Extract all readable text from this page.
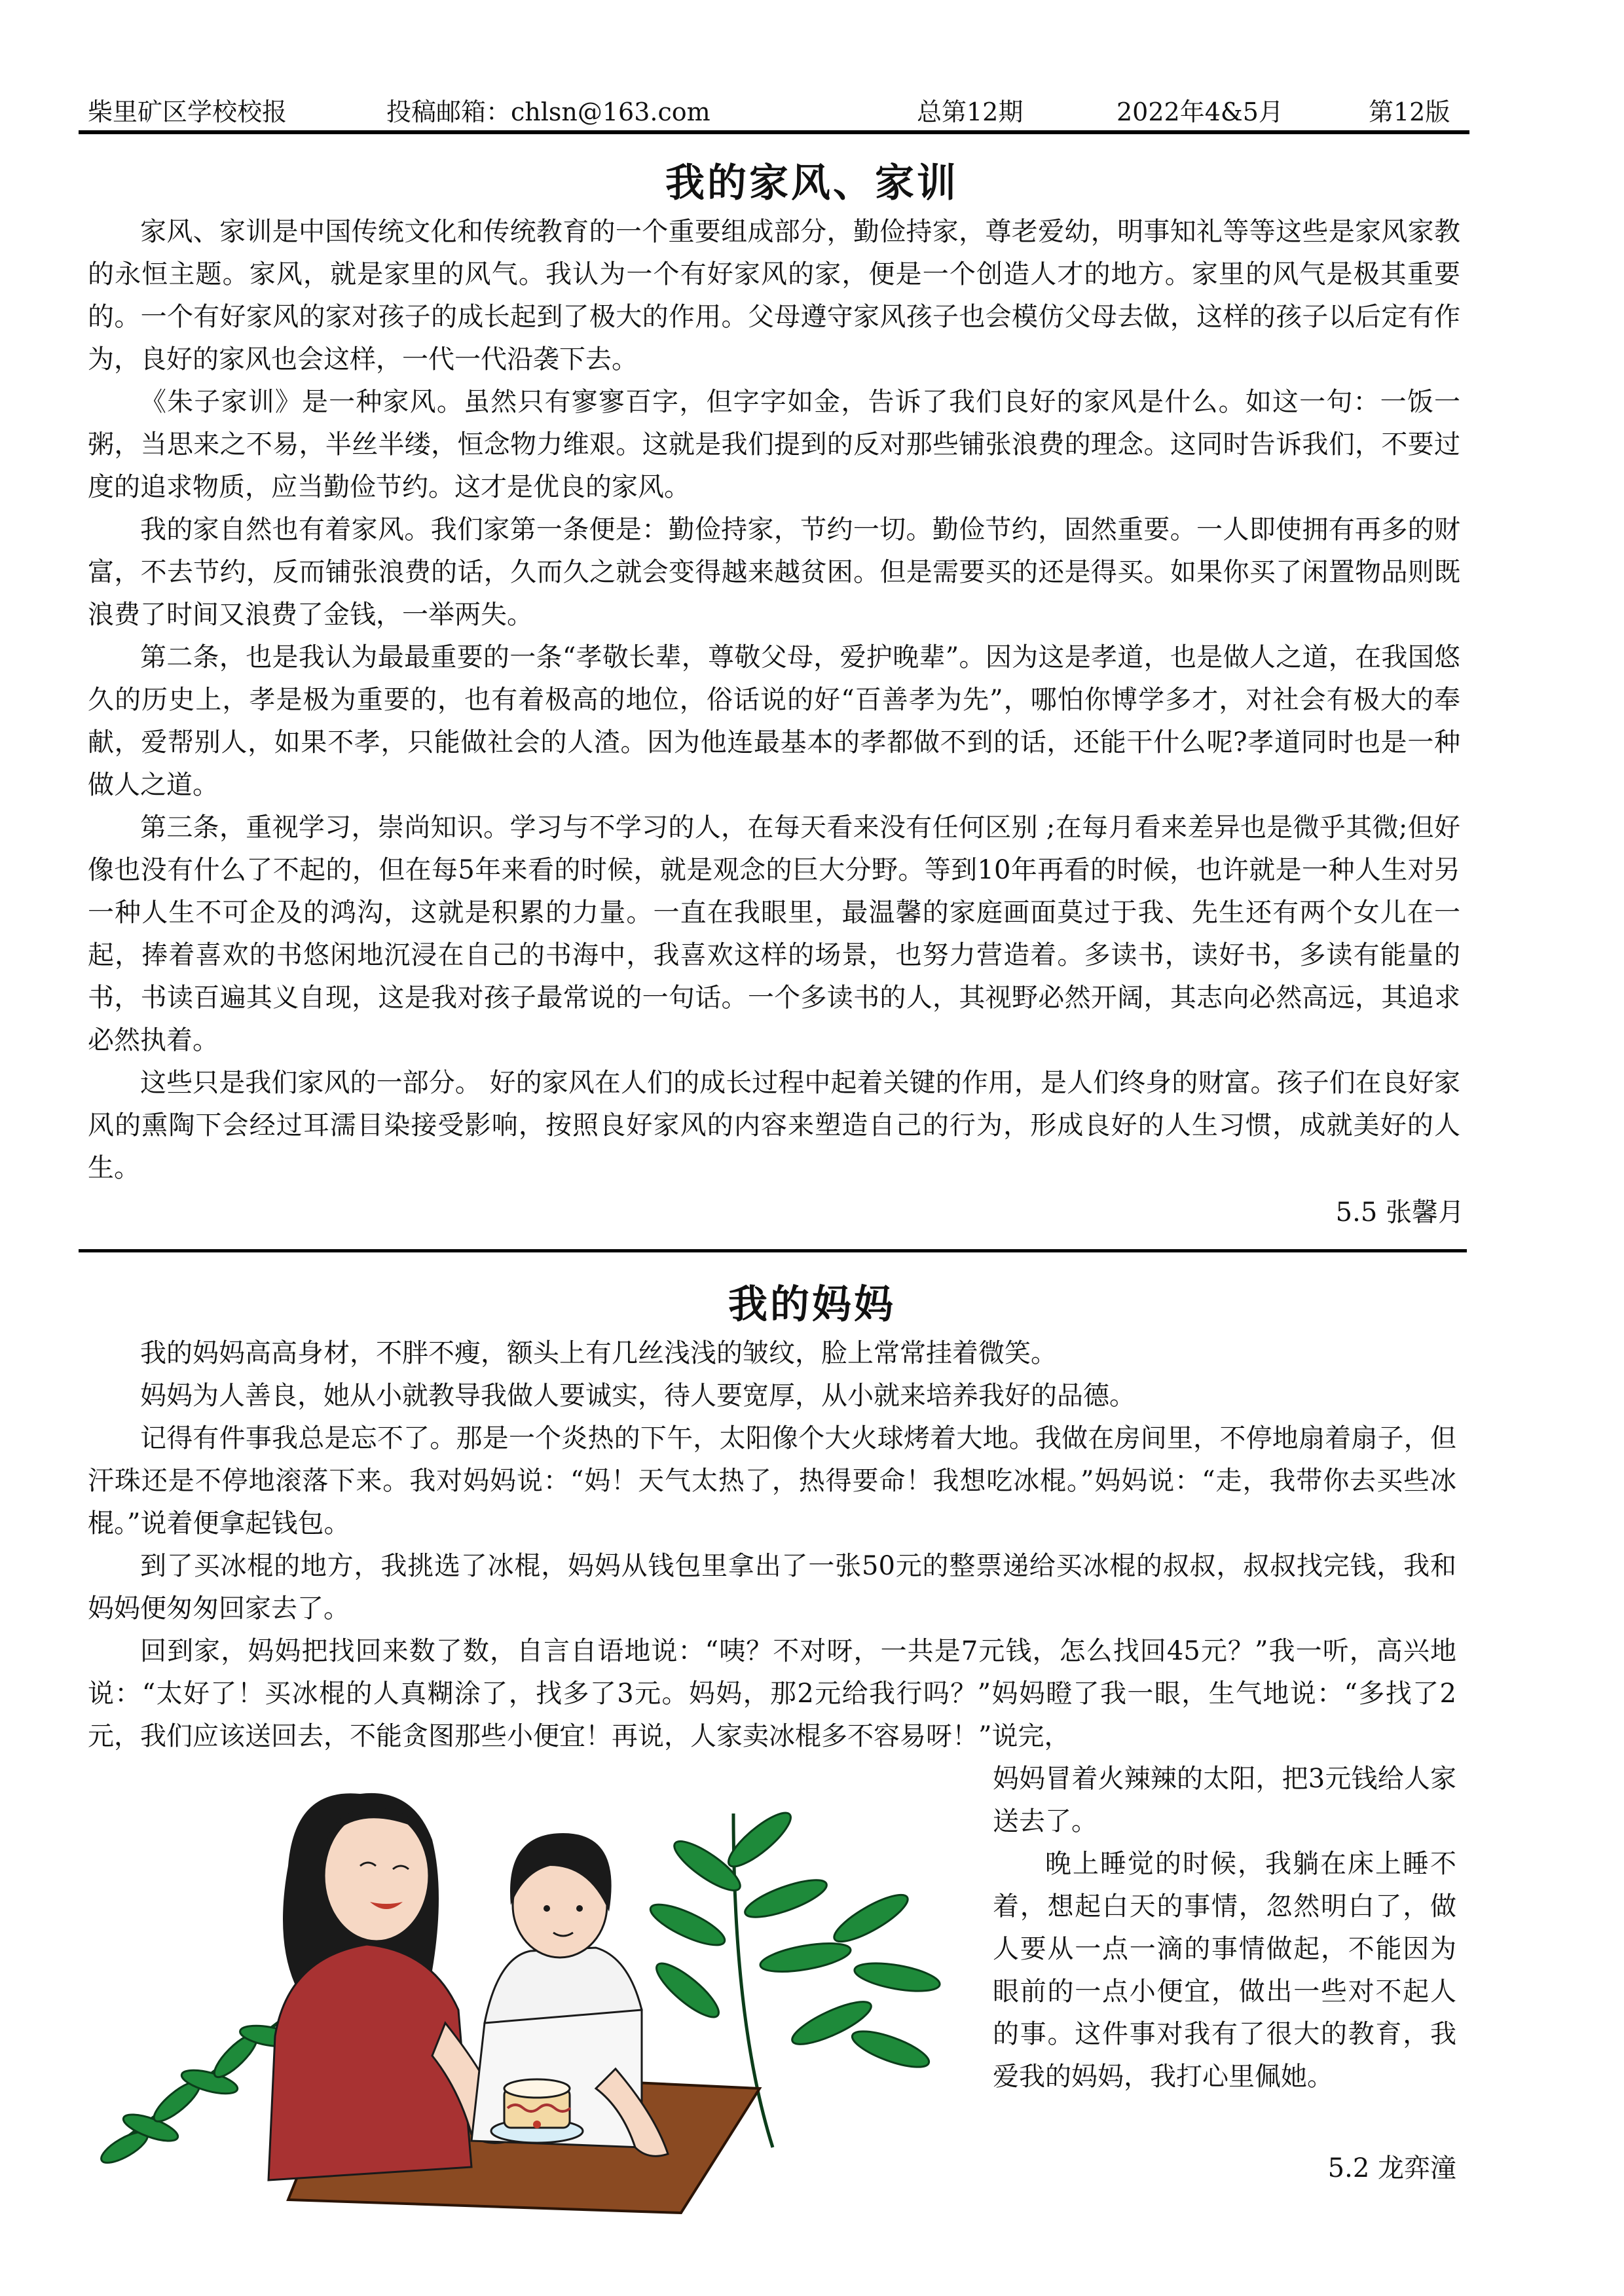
柴里矿区学校校报	投稿邮箱：chlsn@163.com	总第12期	2022年4&5月	第12版
我的家风、家训

家风、家训是中国传统文化和传统教育的一个重要组成部分，勤俭持家，尊老爱幼，明事知礼等等这些是家风家教的永恒主题。家风，就是家里的风气。我认为一个有好家风的家，便是一个创造人才的地方。家里的风气是极其重要的。一个有好家风的家对孩子的成长起到了极大的作用。父母遵守家风孩子也会模仿父母去做，这样的孩子以后定有作为，良好的家风也会这样，一代一代沿袭下去。

《朱子家训》是一种家风。虽然只有寥寥百字，但字字如金，告诉了我们良好的家风是什么。如这一句：一饭一粥，当思来之不易，半丝半缕，恒念物力维艰。这就是我们提到的反对那些铺张浪费的理念。这同时告诉我们，不要过度的追求物质，应当勤俭节约。这才是优良的家风。

我的家自然也有着家风。我们家第一条便是：勤俭持家，节约一切。勤俭节约，固然重要。一人即使拥有再多的财富，不去节约，反而铺张浪费的话，久而久之就会变得越来越贫困。但是需要买的还是得买。如果你买了闲置物品则既浪费了时间又浪费了金钱，一举两失。

第二条，也是我认为最最重要的一条“孝敬长辈，尊敬父母，爱护晚辈”。因为这是孝道，也是做人之道，在我国悠久的历史上，孝是极为重要的，也有着极高的地位，俗话说的好“百善孝为先”，哪怕你博学多才，对社会有极大的奉献，爱帮别人，如果不孝，只能做社会的人渣。因为他连最基本的孝都做不到的话，还能干什么呢?孝道同时也是一种做人之道。

第三条，重视学习，崇尚知识。学习与不学习的人，在每天看来没有任何区别 ;在每月看来差异也是微乎其微;但好像也没有什么了不起的，但在每5年来看的时候，就是观念的巨大分野。等到10年再看的时候，也许就是一种人生对另一种人生不可企及的鸿沟，这就是积累的力量。一直在我眼里，最温馨的家庭画面莫过于我、先生还有两个女儿在一起，捧着喜欢的书悠闲地沉浸在自己的书海中，我喜欢这样的场景，也努力营造着。多读书，读好书，多读有能量的书，书读百遍其义自现，这是我对孩子最常说的一句话。一个多读书的人，其视野必然开阔，其志向必然高远，其追求必然执着。

这些只是我们家风的一部分。 好的家风在人们的成长过程中起着关键的作用，是人们终身的财富。孩子们在良好家风的熏陶下会经过耳濡目染接受影响，按照良好家风的内容来塑造自己的行为，形成良好的人生习惯，成就美好的人生。

5.5 张馨月
我的妈妈

我的妈妈高高身材，不胖不瘦，额头上有几丝浅浅的皱纹，脸上常常挂着微笑。

妈妈为人善良，她从小就教导我做人要诚实，待人要宽厚，从小就来培养我好的品德。

记得有件事我总是忘不了。那是一个炎热的下午，太阳像个大火球烤着大地。我做在房间里，不停地扇着扇子，但汗珠还是不停地滚落下来。我对妈妈说：“妈！天气太热了，热得要命！我想吃冰棍。”妈妈说：“走，我带你去买些冰棍。”说着便拿起钱包。

到了买冰棍的地方，我挑选了冰棍，妈妈从钱包里拿出了一张50元的整票递给买冰棍的叔叔，叔叔找完钱，我和妈妈便匆匆回家去了。

回到家，妈妈把找回来数了数，自言自语地说：“咦？不对呀，一共是7元钱，怎么找回45元？”我一听，高兴地说：“太好了！买冰棍的人真糊涂了，找多了3元。妈妈，那2元给我行吗？”妈妈瞪了我一眼，生气地说：“多找了2元，我们应该送回去，不能贪图那些小便宜！再说，人家卖冰棍多不容易呀！”说完，

妈妈冒着火辣辣的太阳，把3元钱给人家送去了。

晚上睡觉的时候，我躺在床上睡不着，想起白天的事情，忽然明白了，做人要从一点一滴的事情做起，不能因为眼前的一点小便宜，做出一些对不起人的事。这件事对我有了很大的教育，我爱我的妈妈，我打心里佩她。

5.2 龙弈潼
